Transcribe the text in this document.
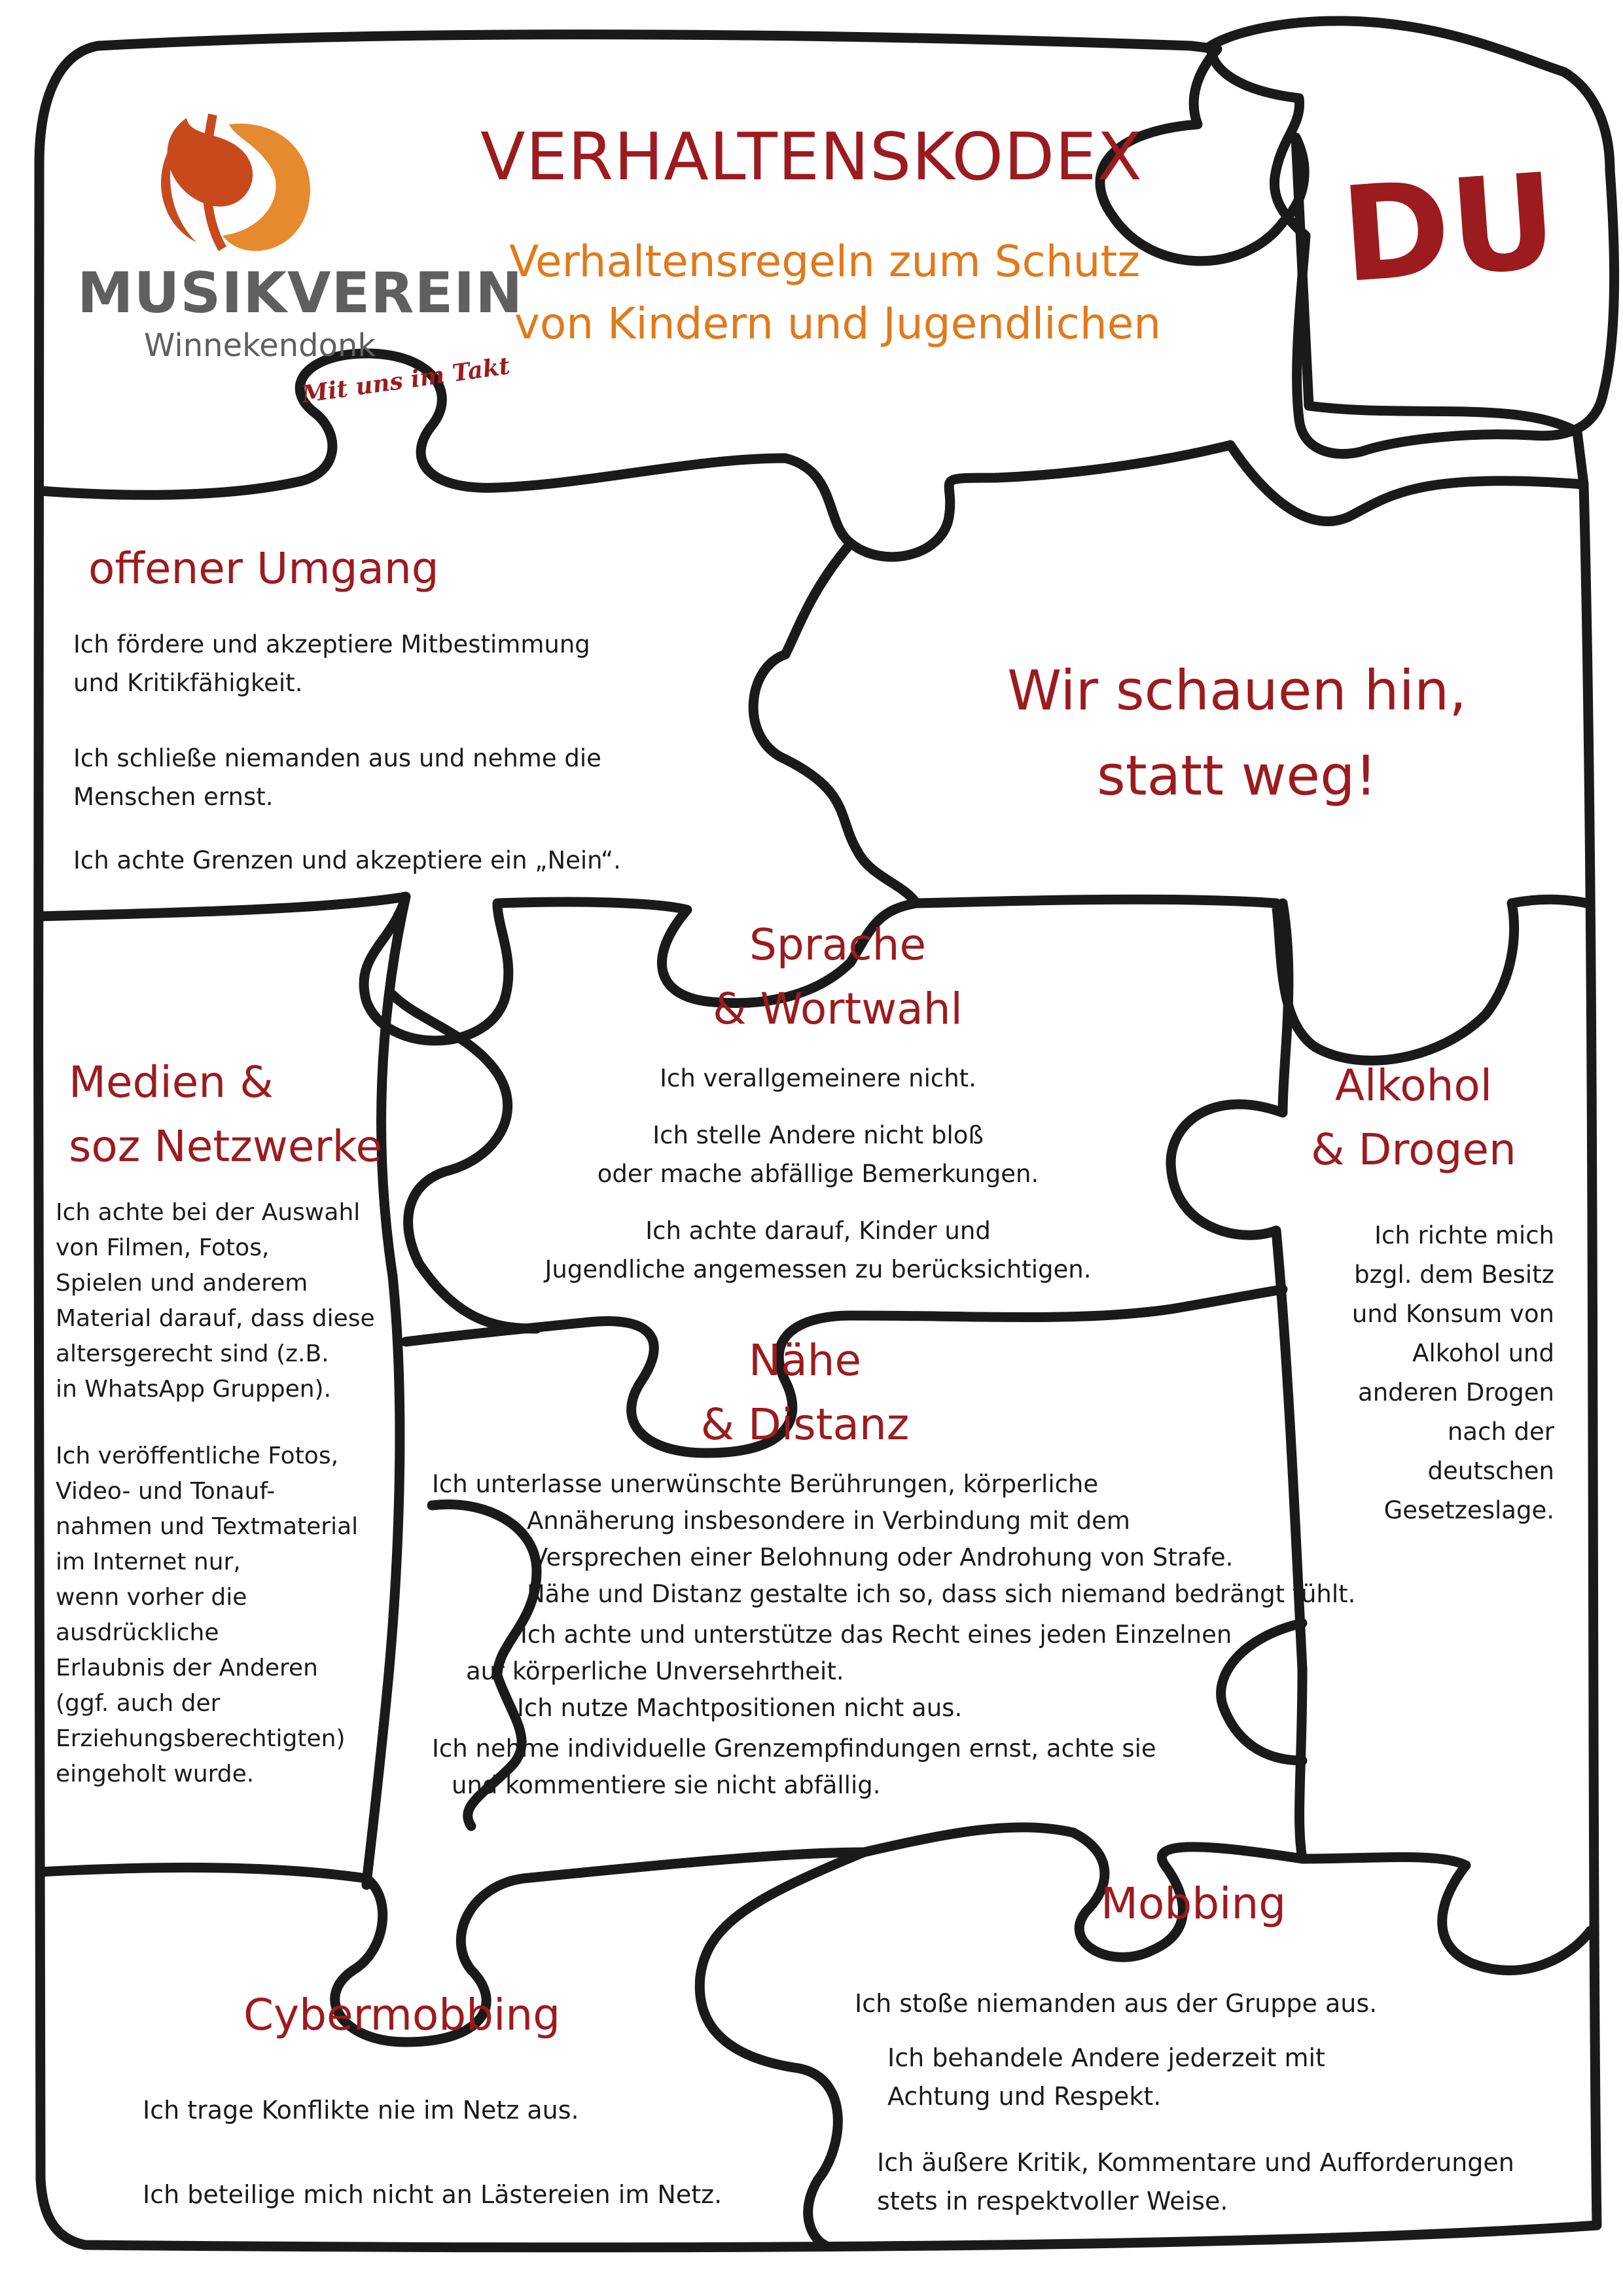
MUSIKVEREIN
Winnekendonk
Mit uns im Takt
VERHALTENSKODEX
Verhaltensregeln zum Schutz
von Kindern und Jugendlichen
DU
Wir schauen hin,
statt weg!
offener Umgang
Ich fördere und akzeptiere Mitbestimmung
und Kritikfähigkeit.
Ich schließe niemanden aus und nehme die
Menschen ernst.
Ich achte Grenzen und akzeptiere ein „Nein“.
Sprache
& Wortwahl
Ich verallgemeinere nicht.
Ich stelle Andere nicht bloß
oder mache abfällige Bemerkungen.
Ich achte darauf, Kinder und
Jugendliche angemessen zu berücksichtigen.
Medien &
soz Netzwerke
Ich achte bei der Auswahl
von Filmen, Fotos,
Spielen und anderem
Material darauf, dass diese
altersgerecht sind (z.B.
in WhatsApp Gruppen).
Ich veröffentliche Fotos,
Video- und Tonauf-
nahmen und Textmaterial
im Internet nur,
wenn vorher die
ausdrückliche
Erlaubnis der Anderen
(ggf. auch der
Erziehungsberechtigten)
eingeholt wurde.
Alkohol
& Drogen
Ich richte mich
bzgl. dem Besitz
und Konsum von
Alkohol und
anderen Drogen
nach der
deutschen
Gesetzeslage.
Nähe
& Distanz
Ich unterlasse unerwünschte Berührungen, körperliche
Annäherung insbesondere in Verbindung mit dem
Versprechen einer Belohnung oder Androhung von Strafe.
Nähe und Distanz gestalte ich so, dass sich niemand bedrängt fühlt.
Ich achte und unterstütze das Recht eines jeden Einzelnen
auf körperliche Unversehrtheit.
Ich nutze Machtpositionen nicht aus.
Ich nehme individuelle Grenzempfindungen ernst, achte sie
und kommentiere sie nicht abfällig.
Cybermobbing
Ich trage Konflikte nie im Netz aus.
Ich beteilige mich nicht an Lästereien im Netz.
Mobbing
Ich stoße niemanden aus der Gruppe aus.
Ich behandele Andere jederzeit mit
Achtung und Respekt.
Ich äußere Kritik, Kommentare und Aufforderungen
stets in respektvoller Weise.
